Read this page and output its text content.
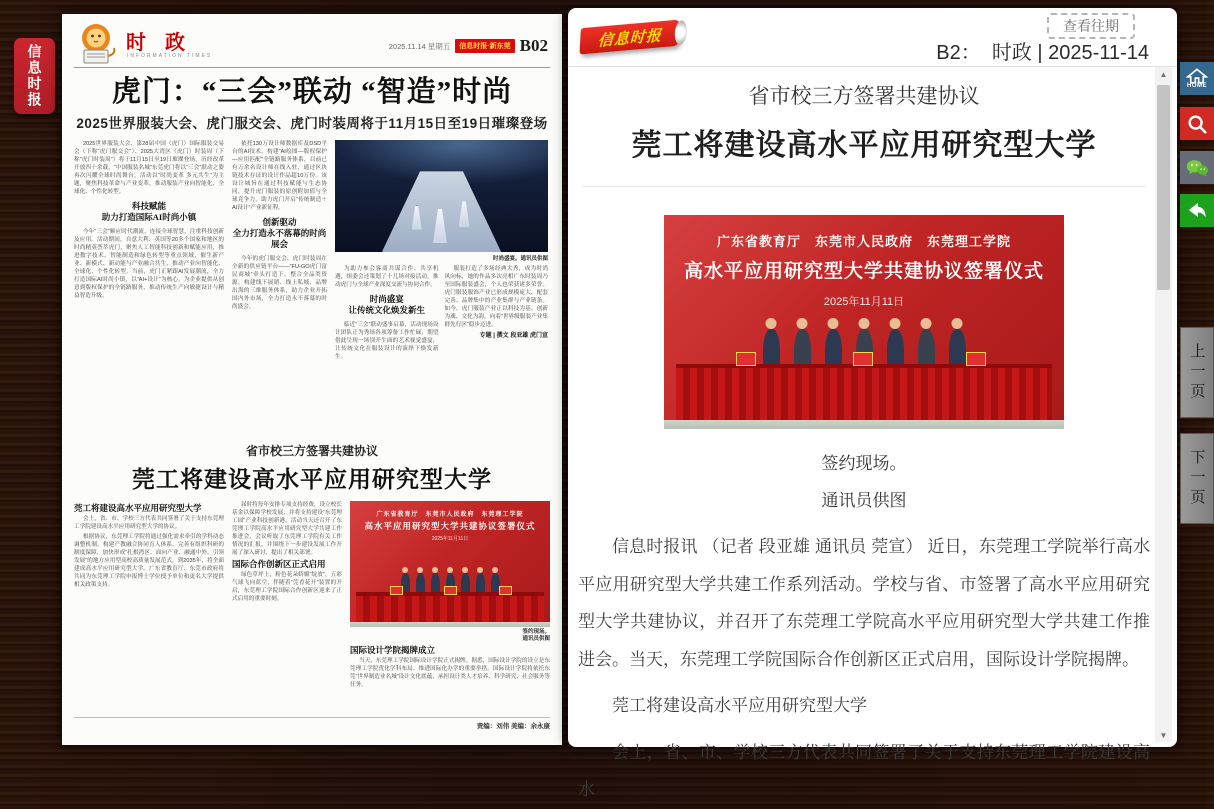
信息时报
时 政
INFORMATION TIMES
2025.11.14 星期五	信息时报·新东莞 B02
虎门：“三会”联动 “智造”时尚
2025世界服装大会、虎门服交会、虎门时装周将于11月15日至19日璀璨登场

2025世界服装大会、第28届中国（虎门）国际服装交易会（下称“虎门服交会”）、2025大湾区（虎门）时装周（下称“虎门时装周”）将于11月15日至19日璀璨登场。历经改革开放四十余载，“中国服装名城”东莞虎门将以“三会”联动之姿再次闪耀全球时尚舞台。活动以“时尚变革 多元共生”为主题，聚焦科技革命与产业变革，推动服装产业向智能化、全球化、个性化转型。

科技赋能
助力打造国际AI时尚小镇

今年“三会”顺应时代潮流，连接全球智慧，注重科技创新及应用。活动期间，自意大利、英国等20多个国家和地区的时尚精英荟萃虎门，聚焦人工智能科技创新和赋能应用，推进数字技术、智能制造和绿色转型等重点领域，催生新产业、新模式、新动能与产业融合共生，推动产业向智能化、全球化、个性化转型。当前，虎门正紧跟AI发展潮流，全力打造国际AI时尚小镇，以“AI+设计”为核心，为企业提供从创意到版权保护的全链路服务，推动传统生产向敏捷设计与精益智造升级。

依托130万设计师数据库及DSD平台的AI技术，构建“AI绘图—版权保护—应用匹配”全链路服务体系，目前已有万余名设计师在线入驻，通过区块链技术存证的设计作品超10万份。该设计城旨在通过科技赋能与生态协同，提升虎门服装的原创附加值与全球竞争力，助力虎门开启“传统制造＋AI设计”产业新征程。

创新驱动
全力打造永不落幕的时尚展会

今年的虎门服交会、虎门时装周在全新的供应链平台——“FU-GO虎门富民商城”牵头打造下，整合全品类资源，构建线下展销、线上私域、品牌出海的三维服务体系，助力企业开拓国内外市场，全力打造永不落幕的时尚盛会。

时尚盛宴。通讯员供图

为助力参会客商共谋合作、共享机遇，组委会还策划了十几场对接活动，推动虎门与全球产业深度交流与协同合作。

时尚盛宴
让传统文化焕发新生

临近“三会”联动盛事启幕，活动现场设计团队正为秀场各项筹备工作忙碌，期望借此呈现一场别开生面的艺术视觉盛宴，让传统文化在服装设计的演绎下焕发新生。

服装打造了多场经典大秀，成为时尚风向标，她的作品多次亮相广东时装周乃至国际服装盛会，个人也荣获诸多荣誉。虎门服装服饰产业已形成规模庞大、配套完善、品牌集中的产业集群与产业链条。如今，虎门服装产业正以科技为基、创新为魂、文化为韵，向着“世界级服装产业集群先行区”稳步迈进。

专题 | 撰文 段亚雄 虎门宣
省市校三方签署共建协议
莞工将建设高水平应用研究型大学
莞工将建设高水平应用研究型大学

会上，省、市、学校三方代表共同签署了关于支持东莞理工学院建设高水平应用研究型大学的协议。

根据协议，东莞理工学院将通过强化需求牵引的学科动态调整机制，构建产教融合协同育人体系，完善有组织科研的制度保障，加快形成“扎根湾区、面向产业、融通中外、引领发展”的地方应用型高校高质量发展范式，到2035年，将全面建成高水平应用研究型大学。广东省教育厅、东莞市政府将共同为东莞理工学院申报博士学位授予单位和更名大学提供相关政策支持。

届时将每年安排专项支持经费，设立校长基金以保障学校发展，并将支持建设“东莞理工园”产业科技创新港。活动当天还召开了东莞理工学院高水平应用研究型大学共建工作推进会，会议听取了东莞理工学院有关工作情况的汇报，并围绕下一步建设发展工作开展了深入研讨，提出了相关部署。

国际合作创新区正式启用

绿色草坪上，粉色花朵娇媚“绽放”，五彩气球飞向蓝空，伴随着“莞香花开”装置的开启，东莞理工学院国际合作创新区迎来了正式启用的重要时刻。

广东省教育厅　东莞市人民政府　东莞理工学院
高水平应用研究型大学共建协议签署仪式
2025年11月11日
签约现场。
通讯员供图
国际设计学院揭牌成立

当天，东莞理工学院国际设计学院正式揭牌。据悉，国际设计学院的设立是东莞理工学院优化学科布局、推进国际化办学的重要举措。国际设计学院将依托东莞“世界制造业名城”设计文化底蕴，承担设计类人才培养、科学研究、社会服务等任务。

责编：刘伟 美编：余永康
信息时报
查看往期
B2：  时政 | 2025-11-14
省市校三方签署共建协议
莞工将建设高水平应用研究型大学
广东省教育厅　东莞市人民政府　东莞理工学院
高水平应用研究型大学共建协议签署仪式
2025年11月11日
签约现场。
通讯员供图

信息时报讯 （记者 段亚雄 通讯员 莞宣） 近日，东莞理工学院举行高水平应用研究型大学共建工作系列活动。学校与省、市签署了高水平应用研究型大学共建协议，并召开了东莞理工学院高水平应用研究型大学共建工作推进会。当天，东莞理工学院国际合作创新区正式启用，国际设计学院揭牌。

莞工将建设高水平应用研究型大学

会上，省、市、学校三方代表共同签署了关于支持东莞理工学院建设高水

▲
▼
HOME
上一页
下一页
